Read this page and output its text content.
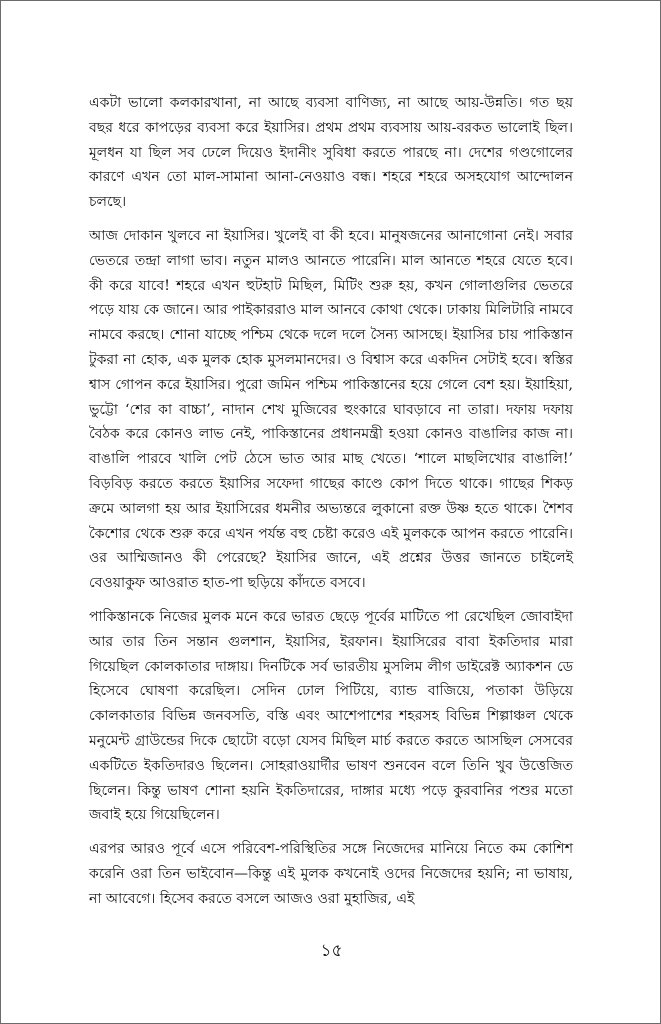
একটা ভালো কলকারখানা, না আছে ব্যবসা বাণিজ্য, না আছে আয়-উন্নতি। গত ছয় বছর ধরে কাপড়ের ব্যবসা করে ইয়াসির। প্রথম প্রথম ব্যবসায় আয়-বরকত ভালোই ছিল। মূলধন যা ছিল সব ঢেলে দিয়েও ইদানীং সুবিধা করতে পারছে না। দেশের গণ্ডগোলের কারণে এখন তো মাল-সামানা আনা-নেওয়াও বন্ধ। শহরে শহরে অসহযোগ আন্দোলন চলছে।

আজ দোকান খুলবে না ইয়াসির। খুলেই বা কী হবে। মানুষজনের আনাগোনা নেই। সবার ভেতরে তন্দ্রা লাগা ভাব। নতুন মালও আনতে পারেনি। মাল আনতে শহরে যেতে হবে। কী করে যাবে! শহরে এখন হুটহাট মিছিল, মিটিং শুরু হয়, কখন গোলাগুলির ভেতরে পড়ে যায় কে জানে। আর পাইকাররাও মাল আনবে কোথা থেকে। ঢাকায় মিলিটারি নামবে নামবে করছে। শোনা যাচ্ছে পশ্চিম থেকে দলে দলে সৈন্য আসছে। ইয়াসির চায় পাকিস্তান টুকরা না হোক, এক মুলক হোক মুসলমানদের। ও বিশ্বাস করে একদিন সেটাই হবে। স্বস্তির শ্বাস গোপন করে ইয়াসির। পুরো জমিন পশ্চিম পাকিস্তানের হয়ে গেলে বেশ হয়। ইয়াহিয়া, ভুট্টো ‘শের কা বাচ্চা’, নাদান শেখ মুজিবের হুংকারে ঘাবড়াবে না তারা। দফায় দফায় বৈঠক করে কোনও লাভ নেই, পাকিস্তানের প্রধানমন্ত্রী হওয়া কোনও বাঙালির কাজ না। বাঙালি পারবে খালি পেট ঠেসে ভাত আর মাছ খেতে। ‘শালে মাছলিখোর বাঙালি!’ বিড়বিড় করতে করতে ইয়াসির সফেদা গাছের কাণ্ডে কোপ দিতে থাকে। গাছের শিকড় ক্রমে আলগা হয় আর ইয়াসিরের ধমনীর অভ্যন্তরে লুকানো রক্ত উষ্ণ হতে থাকে। শৈশব কৈশোর থেকে শুরু করে এখন পর্যন্ত বহু চেষ্টা করেও এই মুলককে আপন করতে পারেনি। ওর আম্মিজানও কী পেরেছে? ইয়াসির জানে, এই প্রশ্নের উত্তর জানতে চাইলেই বেওয়াকুফ আওরাত হাত-পা ছড়িয়ে কাঁদতে বসবে।

পাকিস্তানকে নিজের মুলক মনে করে ভারত ছেড়ে পূর্বের মাটিতে পা রেখেছিল জোবাইদা আর তার তিন সন্তান গুলশান, ইয়াসির, ইরফান। ইয়াসিরের বাবা ইকতিদার মারা গিয়েছিল কোলকাতার দাঙ্গায়। দিনটিকে সর্ব ভারতীয় মুসলিম লীগ ডাইরেক্ট অ্যাকশন ডে হিসেবে ঘোষণা করেছিল। সেদিন ঢোল পিটিয়ে, ব্যান্ড বাজিয়ে, পতাকা উড়িয়ে কোলকাতার বিভিন্ন জনবসতি, বস্তি এবং আশেপাশের শহরসহ বিভিন্ন শিল্পাঞ্চল থেকে মনুমেন্ট গ্রাউন্ডের দিকে ছোটো বড়ো যেসব মিছিল মার্চ করতে করতে আসছিল সেসবের একটিতে ইকতিদারও ছিলেন। সোহরাওয়ার্দীর ভাষণ শুনবেন বলে তিনি খুব উত্তেজিত ছিলেন। কিন্তু ভাষণ শোনা হয়নি ইকতিদারের, দাঙ্গার মধ্যে পড়ে কুরবানির পশুর মতো জবাই হয়ে গিয়েছিলেন।

এরপর আরও পূর্বে এসে পরিবেশ-পরিস্থিতির সঙ্গে নিজেদের মানিয়ে নিতে কম কোশিশ করেনি ওরা তিন ভাইবোন—কিন্তু এই মুলক কখনোই ওদের নিজেদের হয়নি; না ভাষায়, না আবেগে। হিসেব করতে বসলে আজও ওরা মুহাজির, এই

১৫
